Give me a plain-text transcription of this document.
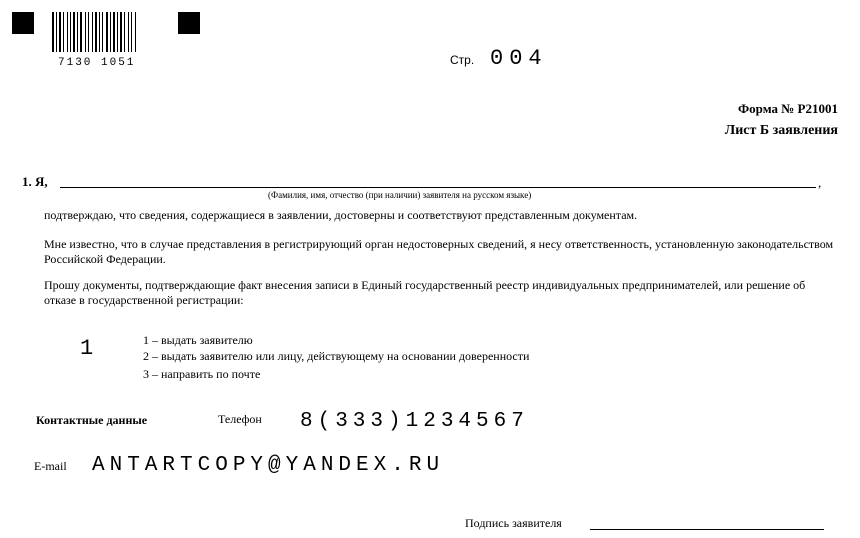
7130 1051	Стр. 004
Форма № Р21001
Лист Б заявления
1. Я,	,
(Фамилия, имя, отчество (при наличии) заявителя на русском языке)
подтверждаю, что сведения, содержащиеся в заявлении, достоверны и соответствуют представленным документам.
Мне известно, что в случае представления в регистрирующий орган недостоверных сведений, я несу ответственность, установленную законодательством Российской Федерации.
Прошу документы, подтверждающие факт внесения записи в Единый государственный реестр индивидуальных предпринимателей, или решение об отказе в государственной регистрации:
1	1 – выдать заявителю
2 – выдать заявителю или лицу, действующему на основании доверенности
3 – направить по почте
Контактные данные	Телефон 8(333)1234567
E-mail ANTARTCOPY@YANDEX.RU
Подпись заявителя
